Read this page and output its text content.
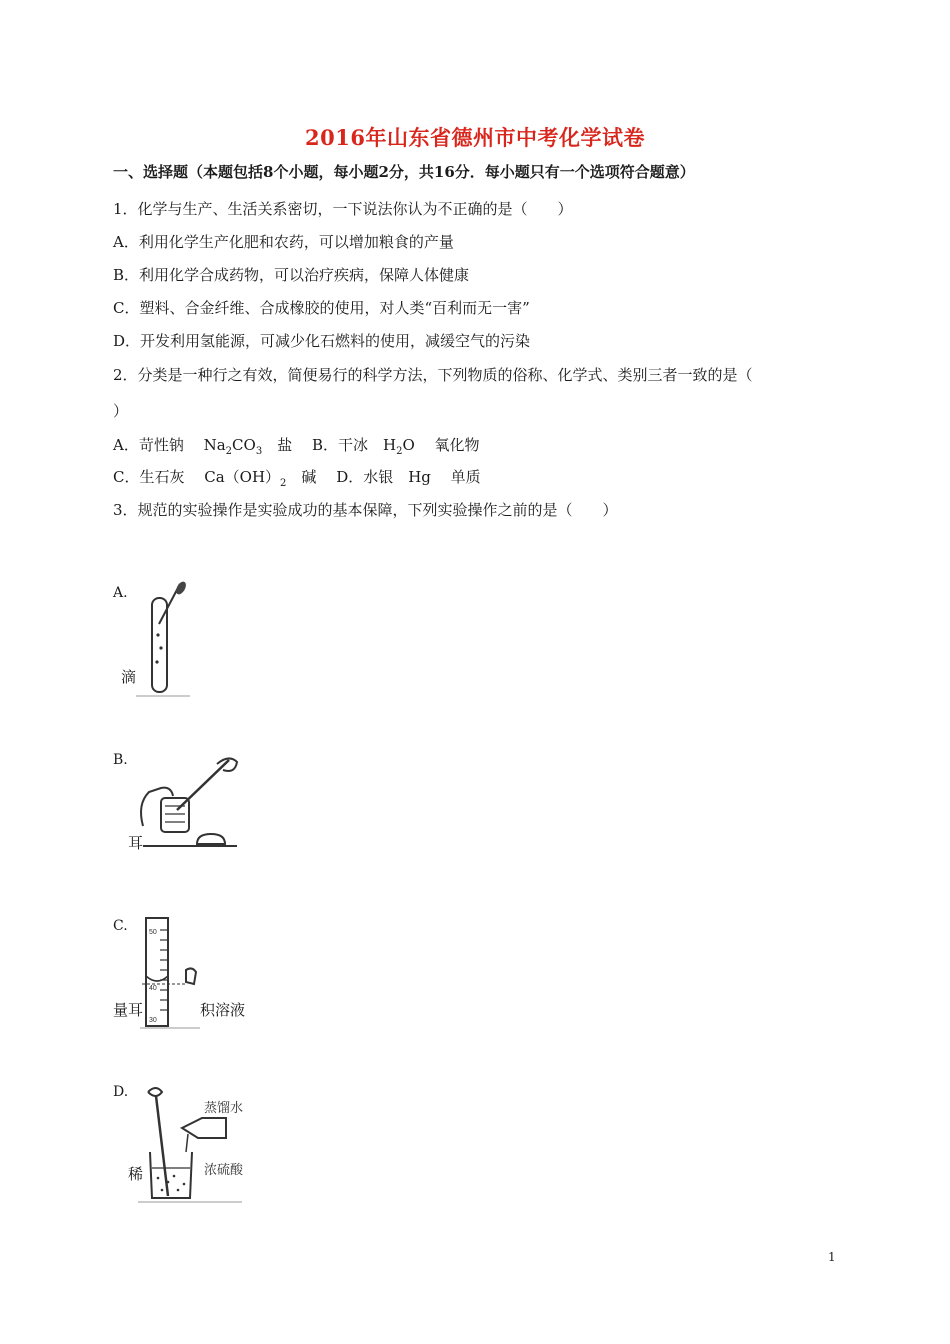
2016年山东省德州市中考化学试卷
一、选择题（本题包括8个小题，每小题2分，共16分．每小题只有一个选项符合题意）
1．化学与生产、生活关系密切，一下说法你认为不正确的是（　　）
A．利用化学生产化肥和农药，可以增加粮食的产量
B．利用化学合成药物，可以治疗疾病，保障人体健康
C．塑料、合金纤维、合成橡胶的使用，对人类“百利而无一害”
D．开发利用氢能源，可减少化石燃料的使用，减缓空气的污染
2．分类是一种行之有效，简便易行的科学方法，下列物质的俗称、化学式、类别三者一致的是（
）
A．苛性钠　 $Na_2CO_3$　盐　 B．干冰　$H_2O$　 氧化物
C．生石灰　 $Ca(OH)_2$　碱　 D．水银　Hg　 单质
3．规范的实验操作是实验成功的基本保障，下列实验操作之前的是（　　）
A.
滴
B.
耳
C.	50
40
30
量耳	积溶液
D.
蒸馏水
浓硫酸
稀
1
